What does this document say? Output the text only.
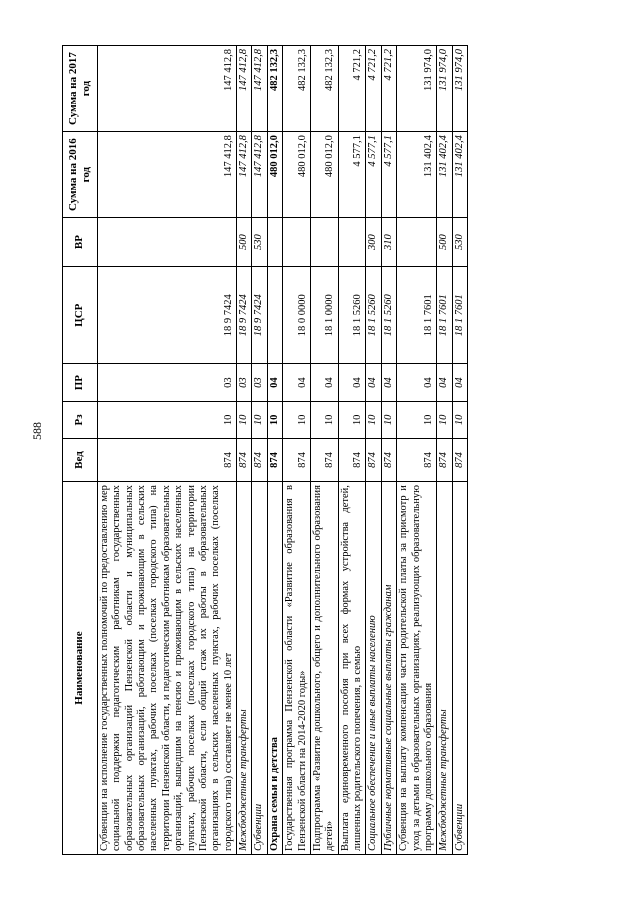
588
Наименование	Вед	Рз	ПР	ЦСР	ВР	Сумма на 2016 год	Сумма на 2017 год
Субвенции на исполнение государственных полномочий по предоставлению мер социальной поддержки педагогическим работникам государственных образовательных организаций Пензенской области и муниципальных образовательных организаций, работающим и проживающим в сельских населенных пунктах, рабочих поселках (поселках городского типа) на территории Пензенской области, и педагогическим работникам образовательных организаций, вышедшим на пенсию и проживающим в сельских населенных пунктах, рабочих поселках (поселках городского типа) на территории Пензенской области, если общий стаж их работы в образовательных организациях в сельских населенных пунктах, рабочих поселках (поселках городского типа) составляет не менее 10 лет	874	10	03	18 9 7424		147 412,8	147 412,8
Межбюджетные трансферты	874	10	03	18 9 7424	500	147 412,8	147 412,8
Субвенции	874	10	03	18 9 7424	530	147 412,8	147 412,8
Охрана семьи и детства	874	10	04			480 012,0	482 132,3
Государственная программа Пензенской области «Развитие образования в Пензенской области на 2014-2020 годы»	874	10	04	18 0 0000		480 012,0	482 132,3
Подпрограмма «Развитие дошкольного, общего и дополнительного образования детей»	874	10	04	18 1 0000		480 012,0	482 132,3
Выплата единовременного пособия при всех формах устройства детей, лишенных родительского попечения, в семью	874	10	04	18 1 5260		4 577,1	4 721,2
Социальное обеспечение и иные выплаты населению	874	10	04	18 1 5260	300	4 577,1	4 721,2
Публичные нормативные социальные выплаты гражданам	874	10	04	18 1 5260	310	4 577,1	4 721,2
Субвенция на выплату компенсации части родительской платы за присмотр и уход за детьми в образовательных организациях, реализующих образовательную программу дошкольного образования	874	10	04	18 1 7601		131 402,4	131 974,0
Межбюджетные трансферты	874	10	04	18 1 7601	500	131 402,4	131 974,0
Субвенции	874	10	04	18 1 7601	530	131 402,4	131 974,0
